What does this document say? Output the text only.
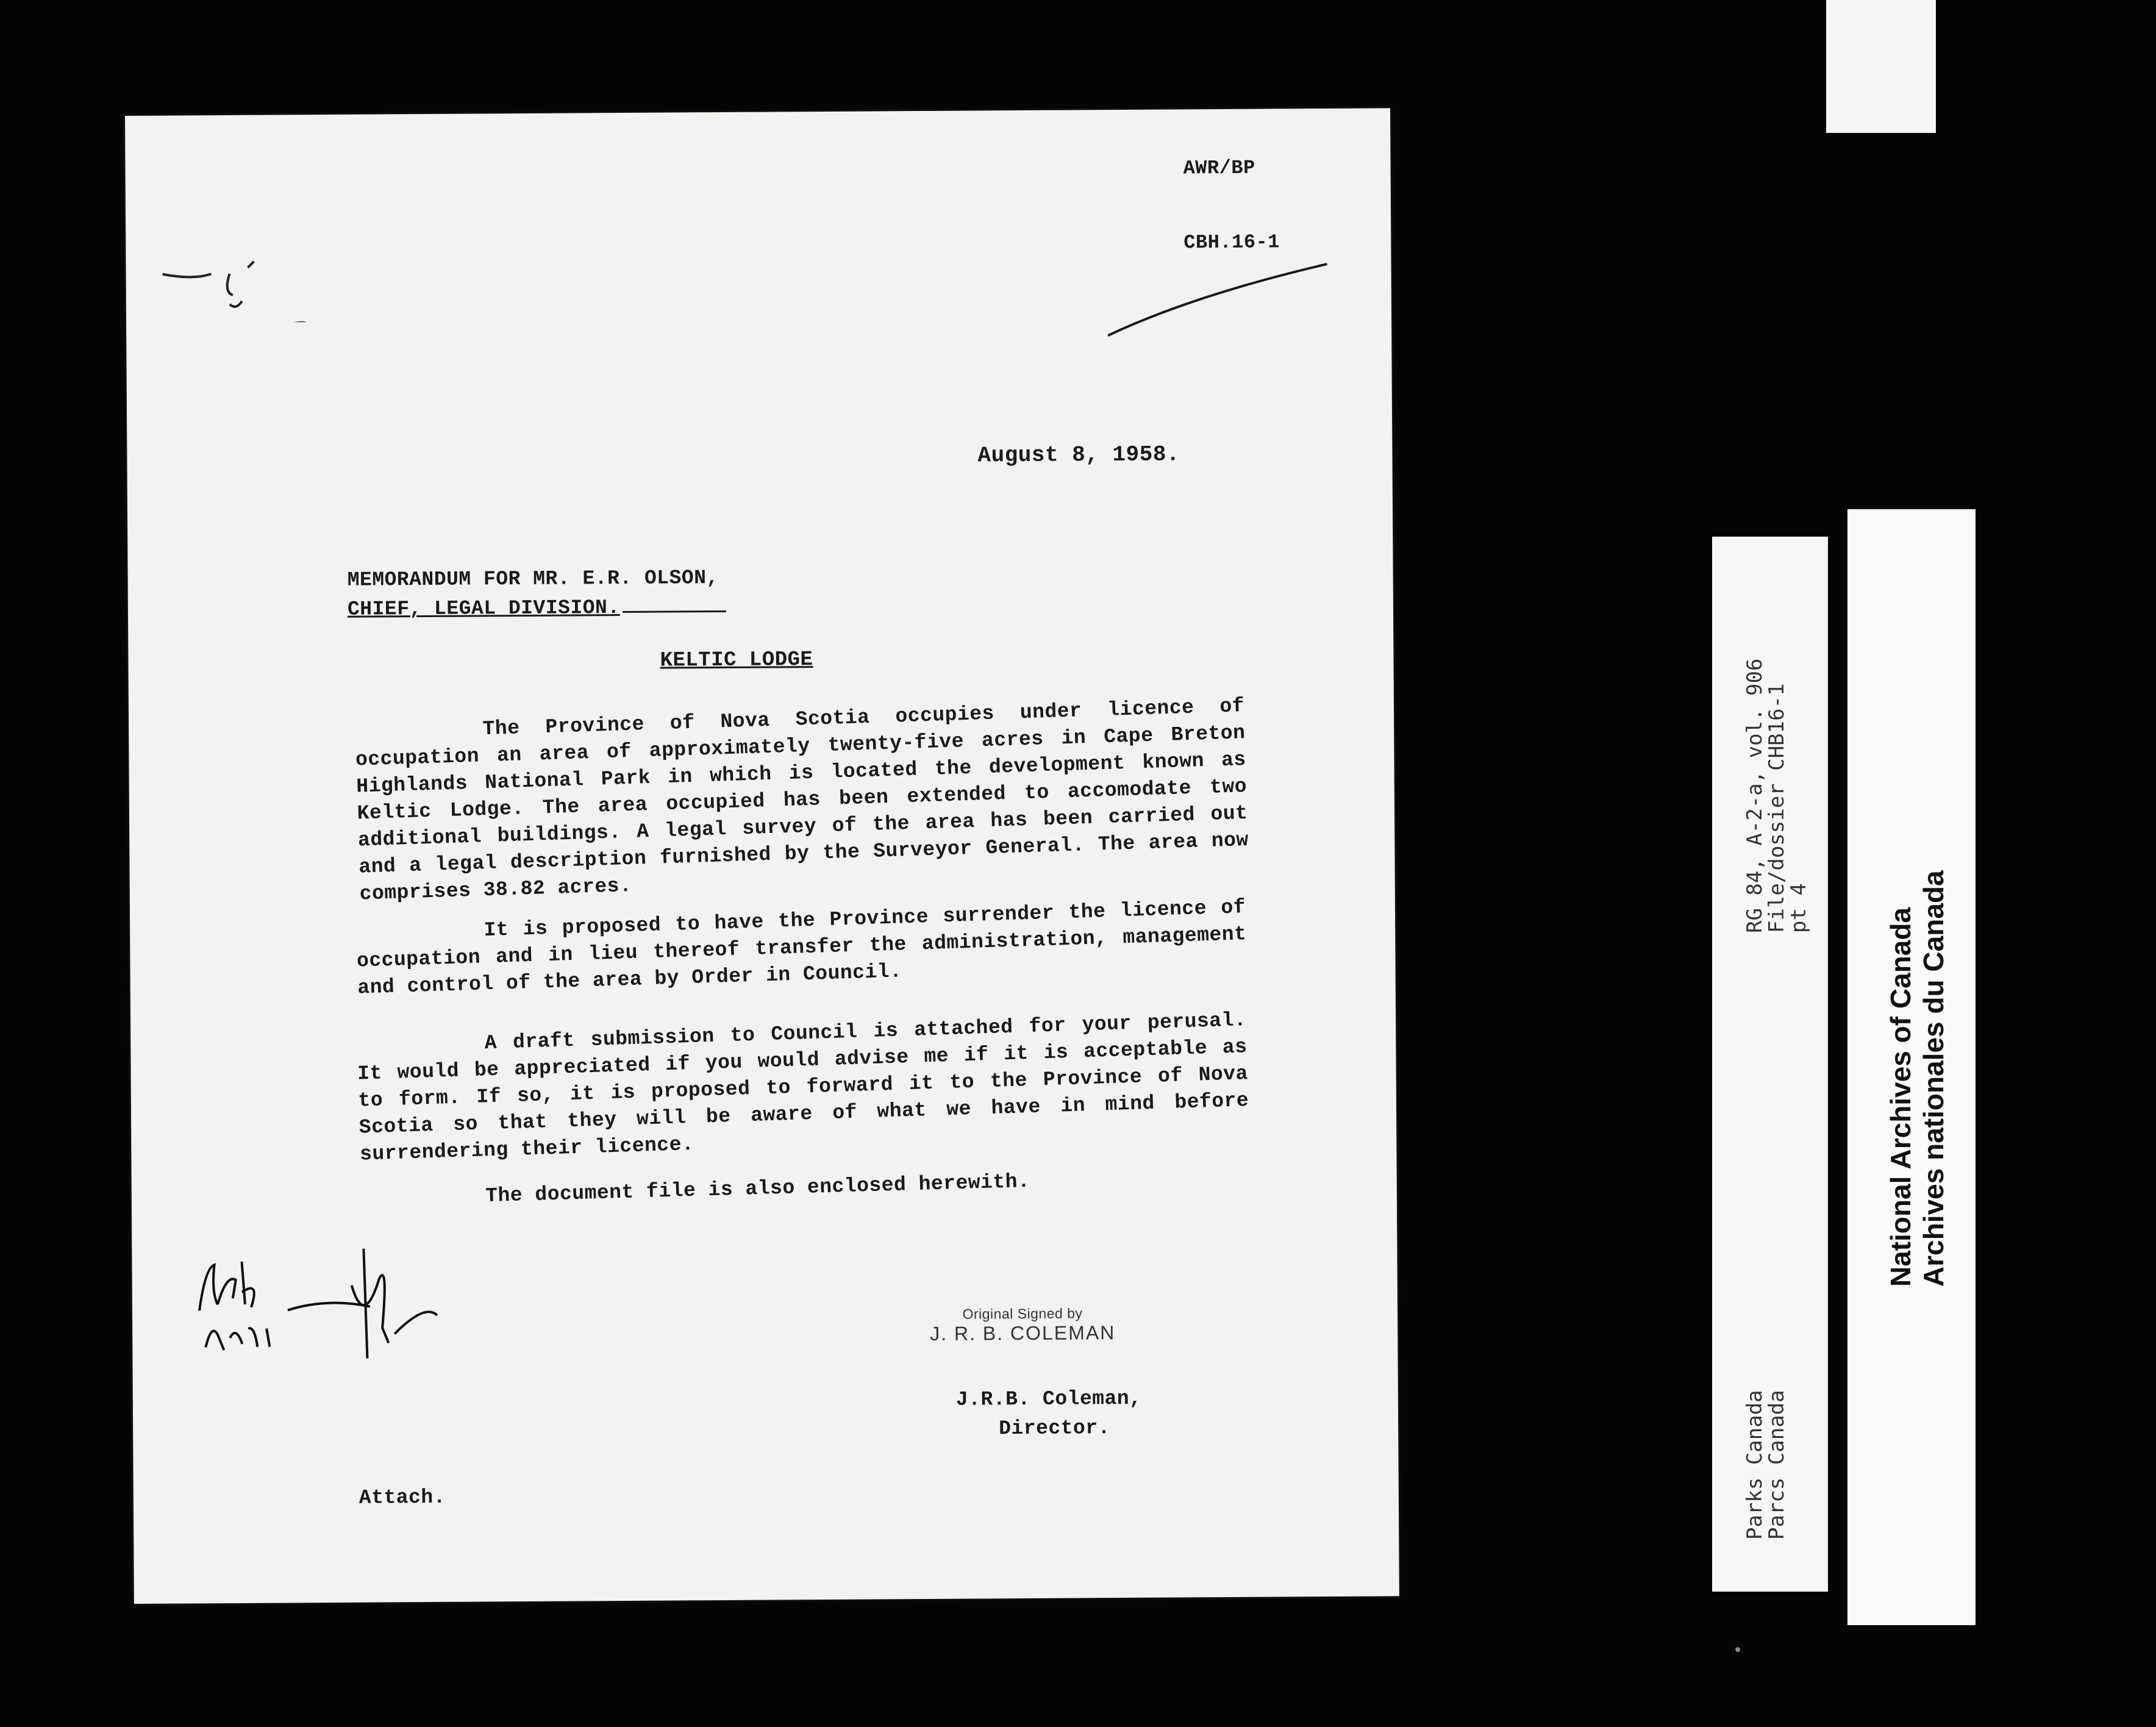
AWR/BP
CBH.16-1
August 8, 1958.
MEMORANDUM FOR MR. E.R. OLSON,
CHIEF, LEGAL DIVISION.
KELTIC LODGE

The Province of Nova Scotia occupies under licence of occupation an area of approximately twenty-five acres in Cape Breton Highlands National Park in which is located the development known as Keltic Lodge. The area occupied has been extended to accomodate two additional buildings. A legal survey of the area has been carried out and a legal description furnished by the Surveyor General. The area now comprises 38.82 acres.

It is proposed to have the Province surrender the licence of occupation and in lieu thereof transfer the administration, management and control of the area by Order in Council.

A draft submission to Council is attached for your perusal. It would be appreciated if you would advise me if it is acceptable as to form. If so, it is proposed to forward it to the Province of Nova Scotia so that they will be aware of what we have in mind before surrendering their licence.

The document file is also enclosed herewith.

Original Signed by
J. R. B. COLEMAN
J.R.B. Coleman,
Director.
Attach.
RG 84, A-2-a, vol. 906
File/dossier CHB16-1
pt 4
Parks Canada
Parcs Canada
National Archives of Canada Archives nationales du Canada
